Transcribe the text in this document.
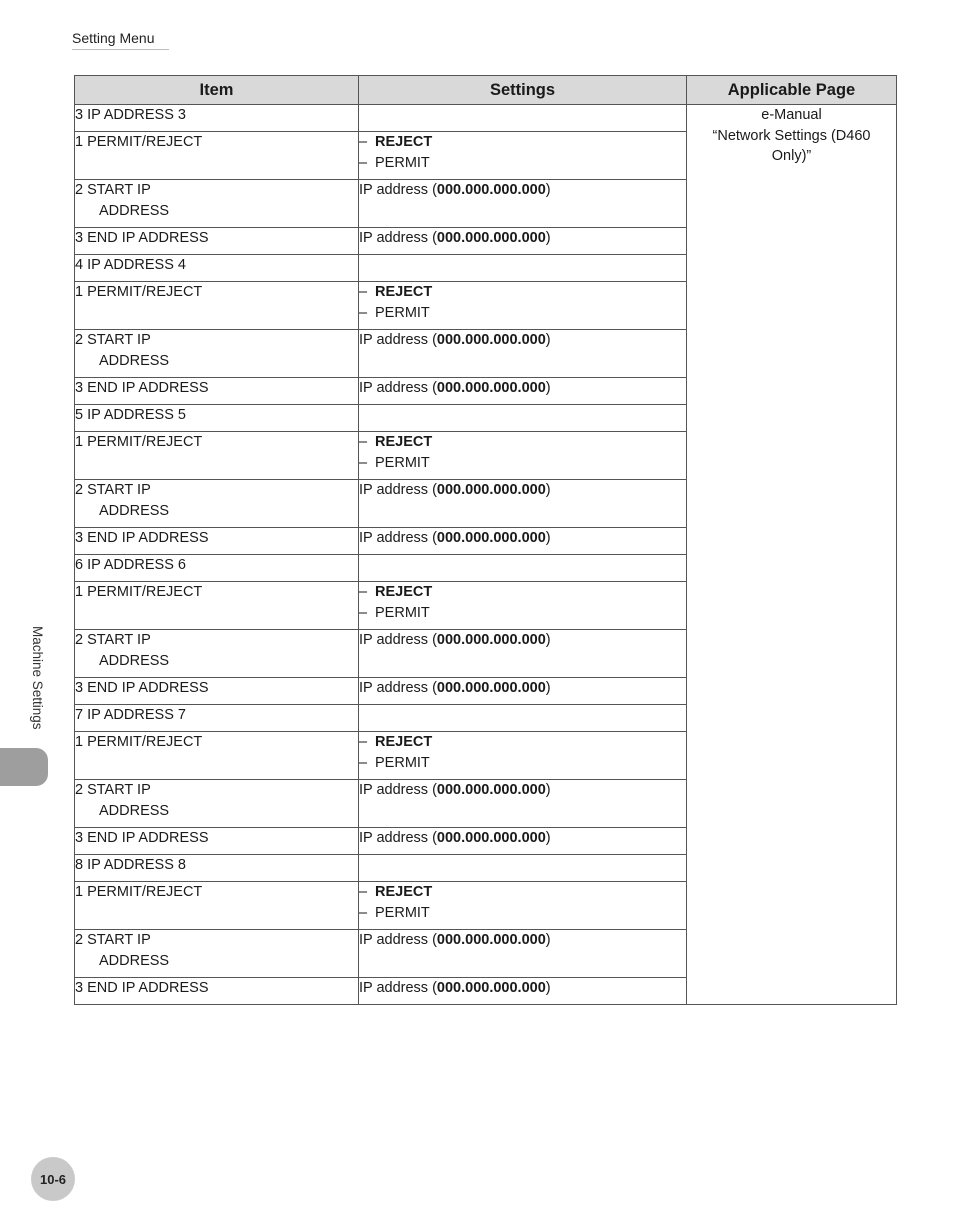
Setting Menu
Item	Settings	Applicable Page
3 IP ADDRESS 3		e-Manual
“Network Settings (D460
Only)”

1 PERMIT/REJECT	– REJECT
– PERMIT	

2 START IP
ADDRESS	IP address (000.000.000.000)	
3 END IP ADDRESS	IP address (000.000.000.000)	
4 IP ADDRESS 4		
1 PERMIT/REJECT	– REJECT
– PERMIT	

2 START IP
ADDRESS	IP address (000.000.000.000)	
3 END IP ADDRESS	IP address (000.000.000.000)	
5 IP ADDRESS 5		
1 PERMIT/REJECT	– REJECT
– PERMIT	

2 START IP
ADDRESS	IP address (000.000.000.000)	
3 END IP ADDRESS	IP address (000.000.000.000)	
6 IP ADDRESS 6		
1 PERMIT/REJECT	– REJECT
– PERMIT	

2 START IP
ADDRESS	IP address (000.000.000.000)	
3 END IP ADDRESS	IP address (000.000.000.000)	
7 IP ADDRESS 7		
1 PERMIT/REJECT	– REJECT
– PERMIT	

2 START IP
ADDRESS	IP address (000.000.000.000)	
3 END IP ADDRESS	IP address (000.000.000.000)	
8 IP ADDRESS 8		
1 PERMIT/REJECT	– REJECT
– PERMIT	

2 START IP
ADDRESS	IP address (000.000.000.000)	
3 END IP ADDRESS	IP address (000.000.000.000)	
Machine Settings
10-6
